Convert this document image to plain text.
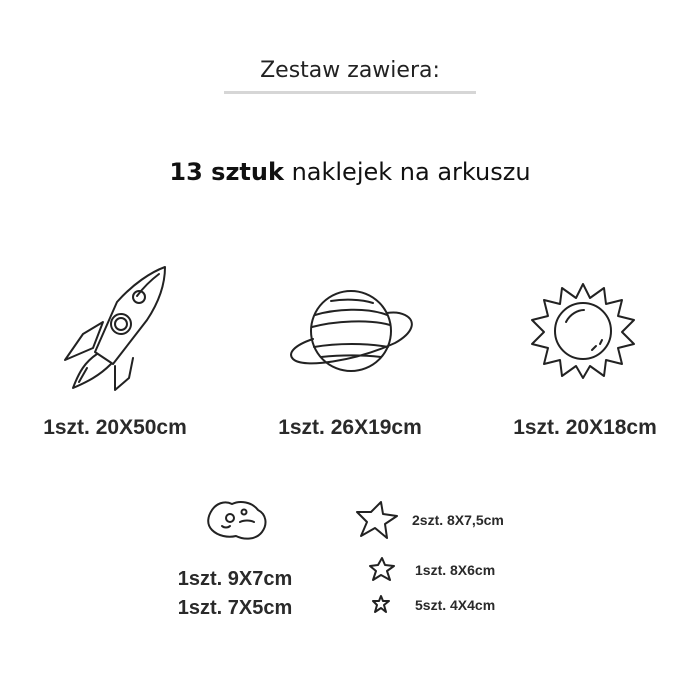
Zestaw zawiera:
13 sztuk naklejek na arkuszu
1szt. 20X50cm	1szt. 26X19cm	1szt. 20X18cm
1szt. 9X7cm
1szt. 7X5cm
2szt. 8X7,5cm
1szt. 8X6cm
5szt. 4X4cm
